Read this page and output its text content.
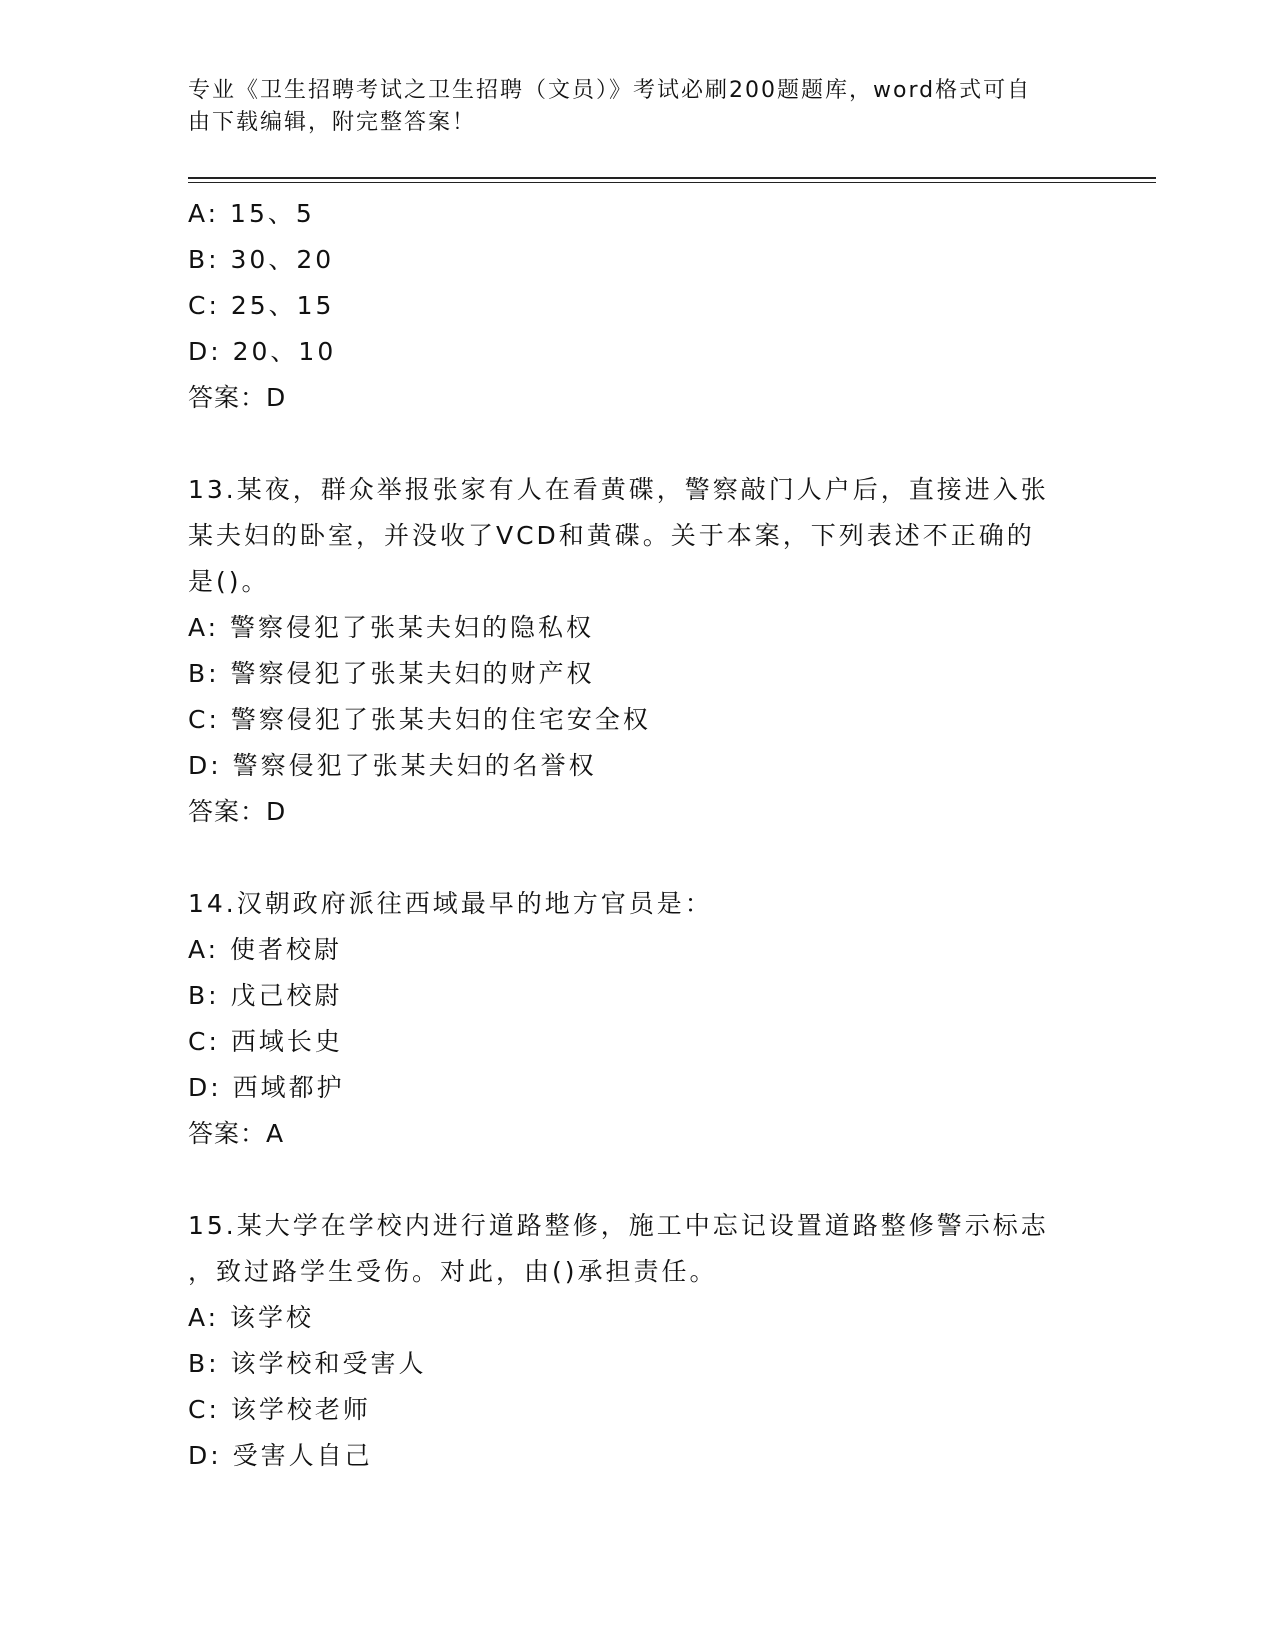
专业《卫生招聘考试之卫生招聘（文员）》考试必刷200题题库，word格式可自
由下载编辑，附完整答案！
A: 15、5
B: 30、20
C: 25、15
D: 20、10
答案：D
13.某夜，群众举报张家有人在看黄碟，警察敲门人户后，直接进入张
某夫妇的卧室，并没收了VCD和黄碟。关于本案，下列表述不正确的
是()。
A: 警察侵犯了张某夫妇的隐私权
B: 警察侵犯了张某夫妇的财产权
C: 警察侵犯了张某夫妇的住宅安全权
D: 警察侵犯了张某夫妇的名誉权
答案：D
14.汉朝政府派往西域最早的地方官员是：
A: 使者校尉
B: 戊己校尉
C: 西域长史
D: 西域都护
答案：A
15.某大学在学校内进行道路整修，施工中忘记设置道路整修警示标志
，致过路学生受伤。对此，由()承担责任。
A: 该学校
B: 该学校和受害人
C: 该学校老师
D: 受害人自己
